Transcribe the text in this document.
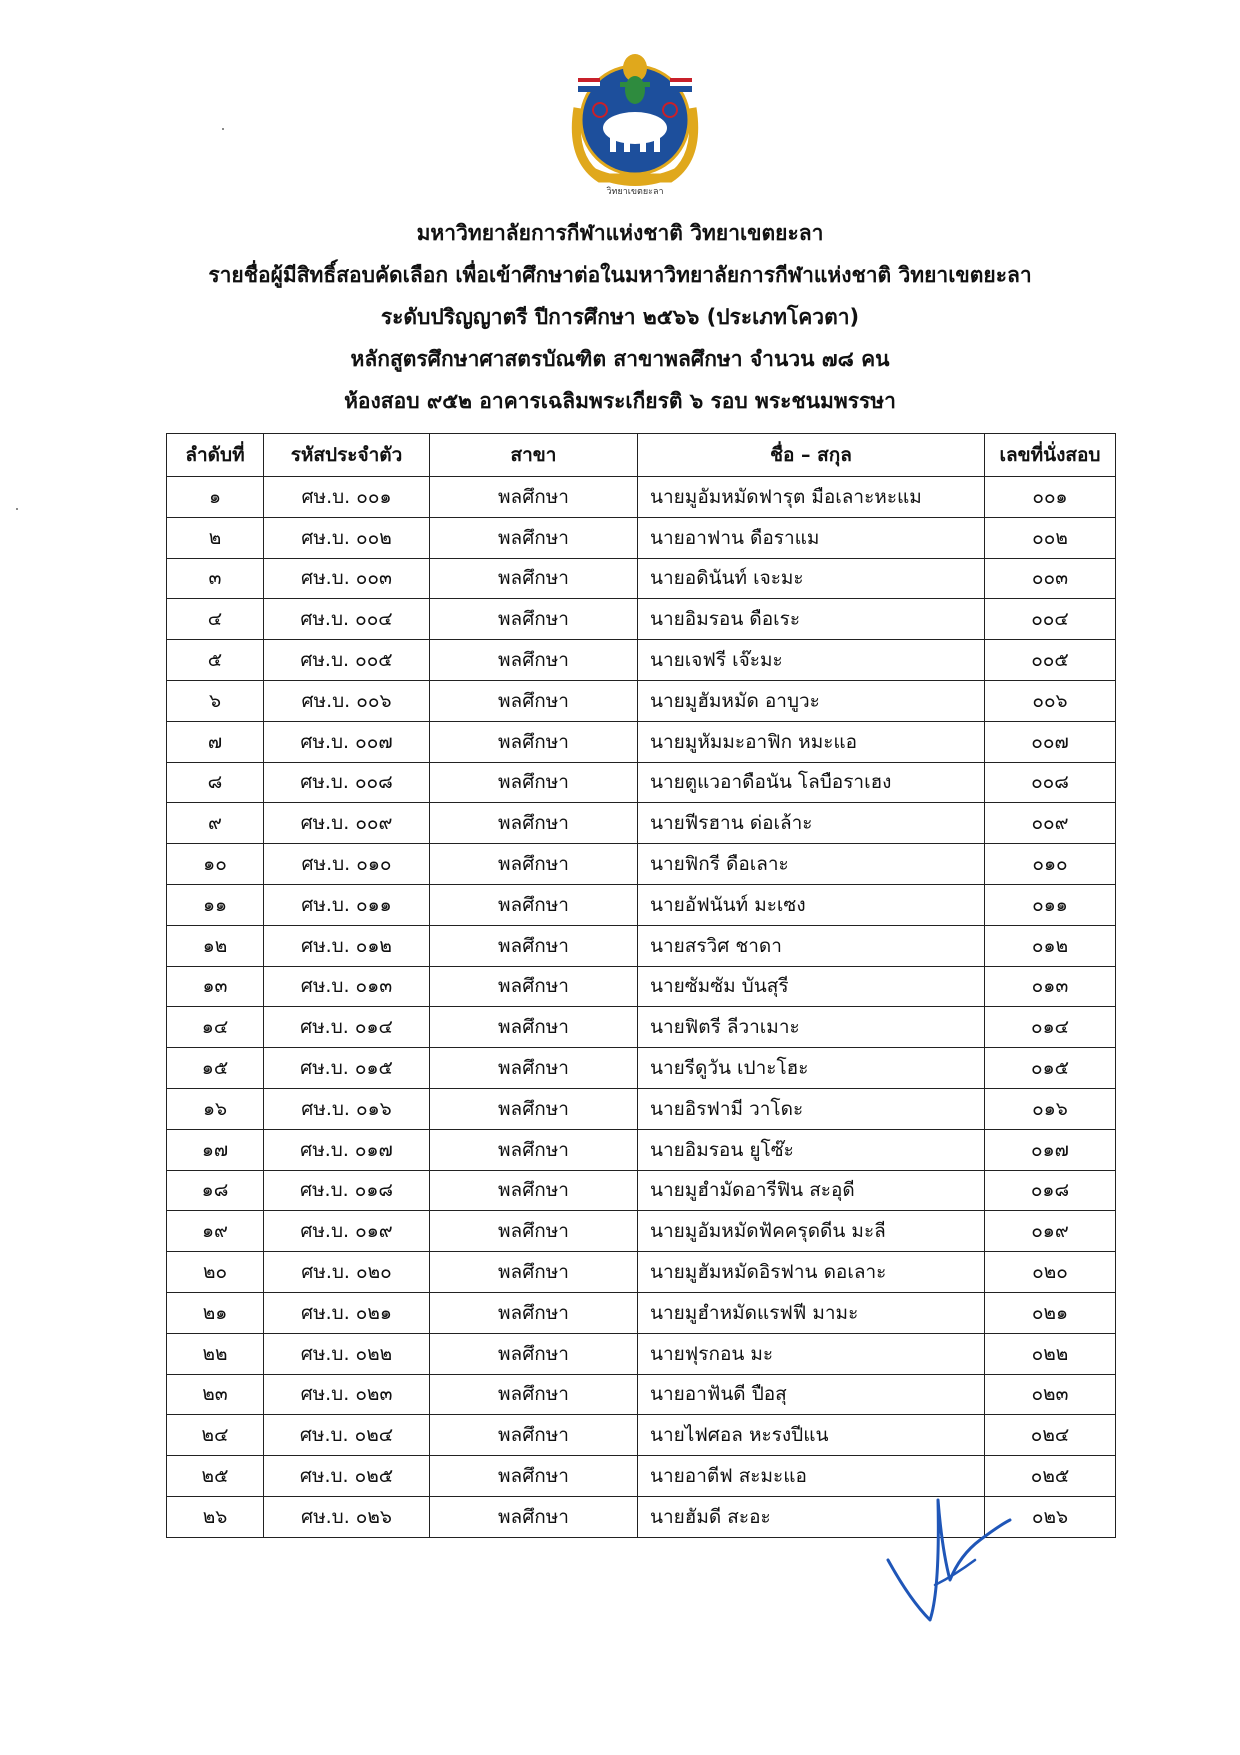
วิทยาเขตยะลา
มหาวิทยาลัยการกีฬาแห่งชาติ วิทยาเขตยะลา
รายชื่อผู้มีสิทธิ์สอบคัดเลือก เพื่อเข้าศึกษาต่อในมหาวิทยาลัยการกีฬาแห่งชาติ วิทยาเขตยะลา
ระดับปริญญาตรี ปีการศึกษา ๒๕๖๖ (ประเภทโควตา)
หลักสูตรศึกษาศาสตรบัณฑิต สาขาพลศึกษา จำนวน ๗๘ คน
ห้องสอบ ๙๕๒ อาคารเฉลิมพระเกียรติ ๖ รอบ พระชนมพรรษา
ลำดับที่	รหัสประจำตัว	สาขา	ชื่อ – สกุล	เลขที่นั่งสอบ
๑	ศษ.บ. ๐๐๑	พลศึกษา	นายมูอัมหมัดฟารุต มือเลาะหะแม	๐๐๑
๒	ศษ.บ. ๐๐๒	พลศึกษา	นายอาฟาน ดือราแม	๐๐๒
๓	ศษ.บ. ๐๐๓	พลศึกษา	นายอดินันท์ เจะมะ	๐๐๓
๔	ศษ.บ. ๐๐๔	พลศึกษา	นายอิมรอน ดือเระ	๐๐๔
๕	ศษ.บ. ๐๐๕	พลศึกษา	นายเจฟรี เจ๊ะมะ	๐๐๕
๖	ศษ.บ. ๐๐๖	พลศึกษา	นายมูฮัมหมัด อาบูวะ	๐๐๖
๗	ศษ.บ. ๐๐๗	พลศึกษา	นายมูหัมมะอาฟิก หมะแอ	๐๐๗
๘	ศษ.บ. ๐๐๘	พลศึกษา	นายตูแวอาดือนัน โลบือราเฮง	๐๐๘
๙	ศษ.บ. ๐๐๙	พลศึกษา	นายฟีรฮาน ด่อเล้าะ	๐๐๙
๑๐	ศษ.บ. ๐๑๐	พลศึกษา	นายฟิกรี ดือเลาะ	๐๑๐
๑๑	ศษ.บ. ๐๑๑	พลศึกษา	นายอัฟนันท์ มะเซง	๐๑๑
๑๒	ศษ.บ. ๐๑๒	พลศึกษา	นายสรวิศ ชาดา	๐๑๒
๑๓	ศษ.บ. ๐๑๓	พลศึกษา	นายซัมซัม บันสุรี	๐๑๓
๑๔	ศษ.บ. ๐๑๔	พลศึกษา	นายฟิตรี ลีวาเมาะ	๐๑๔
๑๕	ศษ.บ. ๐๑๕	พลศึกษา	นายรีดูวัน เปาะโฮะ	๐๑๕
๑๖	ศษ.บ. ๐๑๖	พลศึกษา	นายอิรฟามี วาโดะ	๐๑๖
๑๗	ศษ.บ. ๐๑๗	พลศึกษา	นายอิมรอน ยูโซ๊ะ	๐๑๗
๑๘	ศษ.บ. ๐๑๘	พลศึกษา	นายมูฮำมัดอารีฟิน สะอุดี	๐๑๘
๑๙	ศษ.บ. ๐๑๙	พลศึกษา	นายมูอัมหมัดฟัคครุดดีน มะลี	๐๑๙
๒๐	ศษ.บ. ๐๒๐	พลศึกษา	นายมูฮัมหมัดอิรฟาน ดอเลาะ	๐๒๐
๒๑	ศษ.บ. ๐๒๑	พลศึกษา	นายมูฮำหมัดแรฟฟี มามะ	๐๒๑
๒๒	ศษ.บ. ๐๒๒	พลศึกษา	นายฟุรกอน มะ	๐๒๒
๒๓	ศษ.บ. ๐๒๓	พลศึกษา	นายอาฟันดี ปือสุ	๐๒๓
๒๔	ศษ.บ. ๐๒๔	พลศึกษา	นายไฟศอล หะรงปีแน	๐๒๔
๒๕	ศษ.บ. ๐๒๕	พลศึกษา	นายอาตีฟ สะมะแอ	๐๒๕
๒๖	ศษ.บ. ๐๒๖	พลศึกษา	นายฮัมดี สะอะ	๐๒๖
